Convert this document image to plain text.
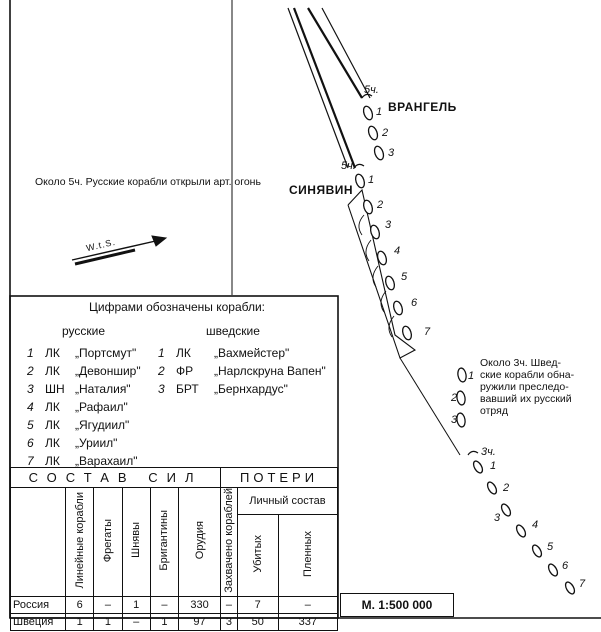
5ч.
ВРАНГЕЛЬ
1
2
3
5ч.
СИНЯВИН
1
2
3
4
5
6
7
1
2
3
Около 3ч. Швед-
ские корабли обна-
ружили преследо-
вавший их русский
отряд
3ч.
1
2
3
4
5
6
7
Около 5ч. Русские корабли открыли арт. огонь
W.t.S.
Цифрами обозначены корабли:
русские	шведские
1 ЛК „Портсмут"
2 ЛК „Девоншир"
3 ШН „Наталия"
4 ЛК „Рафаил"
5 ЛК „Ягудиил"
6 ЛК „Уриил"
7 ЛК „Варахаил"
1 ЛК „Вахмейстер"
2 ФР „Нарлскруна Вапен"
3 БРТ „Бернхардус"
СОСТАВ СИЛ						ПОТЕРИ		
	Линейные корабли	Фрегаты	Шнявы	Бригантины	Орудия	Захвачено кораблей	Личный состав	
							Убитых	Пленных
Россия	6	–	1	–	330	–	7	–
Швеция	1	1	–	1	97	3	50	337
М. 1:500 000
